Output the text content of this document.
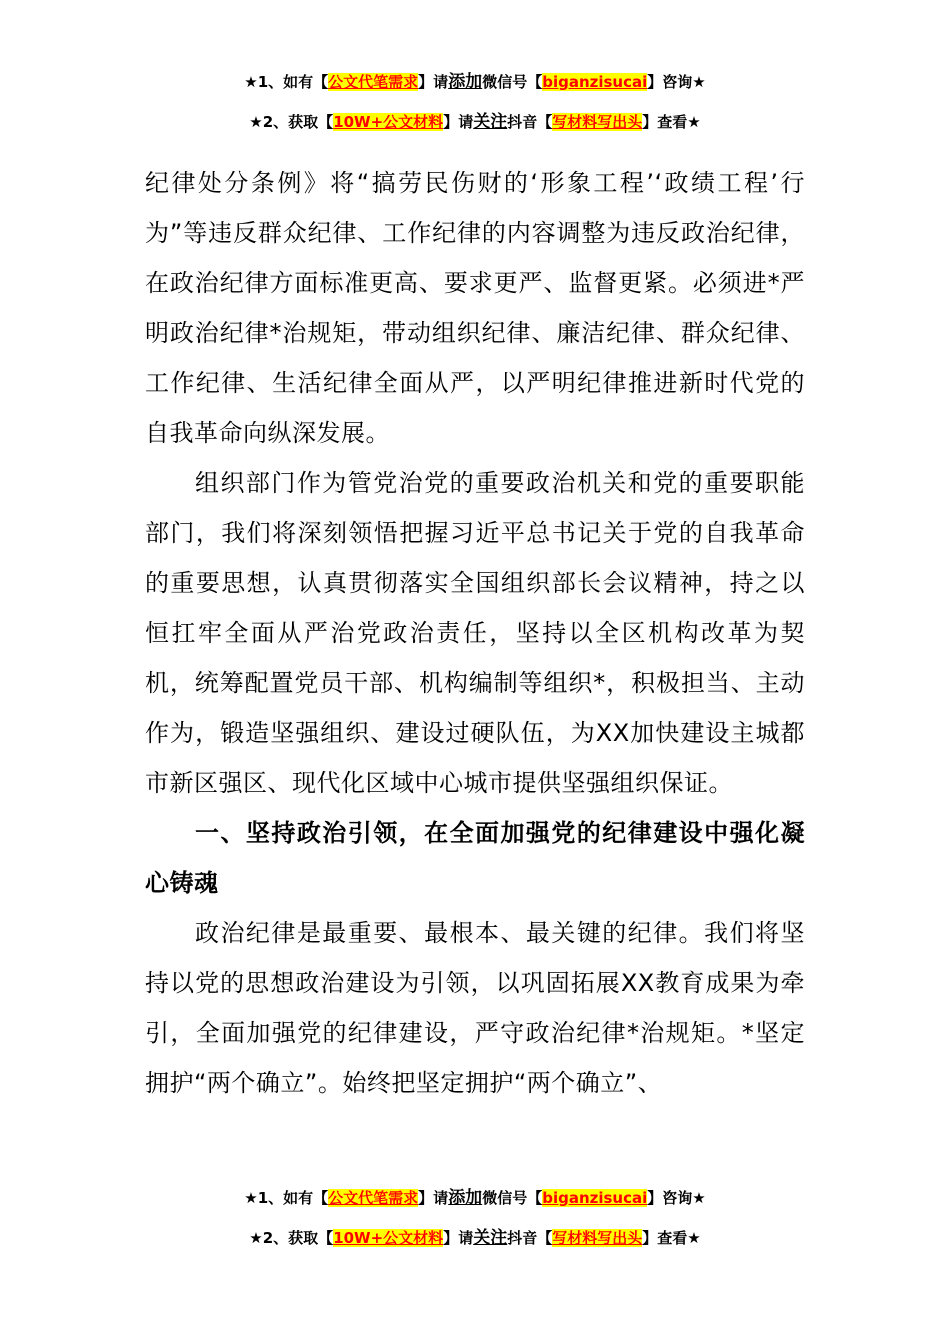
★1、如有【公文代笔需求】请添加微信号【biganzisucai】咨询★
★2、获取【10W+公文材料】请关注抖音【写材料写出头】查看★

纪律处分条例》将“搞劳民伤财的‘形象工程’‘政绩工程’行为”等违反群众纪律、工作纪律的内容调整为违反政治纪律，在政治纪律方面标准更高、要求更严、监督更紧。必须进*严明政治纪律*治规矩，带动组织纪律、廉洁纪律、群众纪律、工作纪律、生活纪律全面从严，以严明纪律推进新时代党的自我革命向纵深发展。

组织部门作为管党治党的重要政治机关和党的重要职能部门，我们将深刻领悟把握习近平总书记关于党的自我革命的重要思想，认真贯彻落实全国组织部长会议精神，持之以恒扛牢全面从严治党政治责任，坚持以全区机构改革为契机，统筹配置党员干部、机构编制等组织*，积极担当、主动作为，锻造坚强组织、建设过硬队伍，为XX加快建设主城都市新区强区、现代化区域中心城市提供坚强组织保证。

一、坚持政治引领，在全面加强党的纪律建设中强化凝心铸魂

政治纪律是最重要、最根本、最关键的纪律。我们将坚持以党的思想政治建设为引领，以巩固拓展XX教育成果为牵引，全面加强党的纪律建设，严守政治纪律*治规矩。*坚定拥护“两个确立”。始终把坚定拥护“两个确立”、

★1、如有【公文代笔需求】请添加微信号【biganzisucai】咨询★
★2、获取【10W+公文材料】请关注抖音【写材料写出头】查看★
